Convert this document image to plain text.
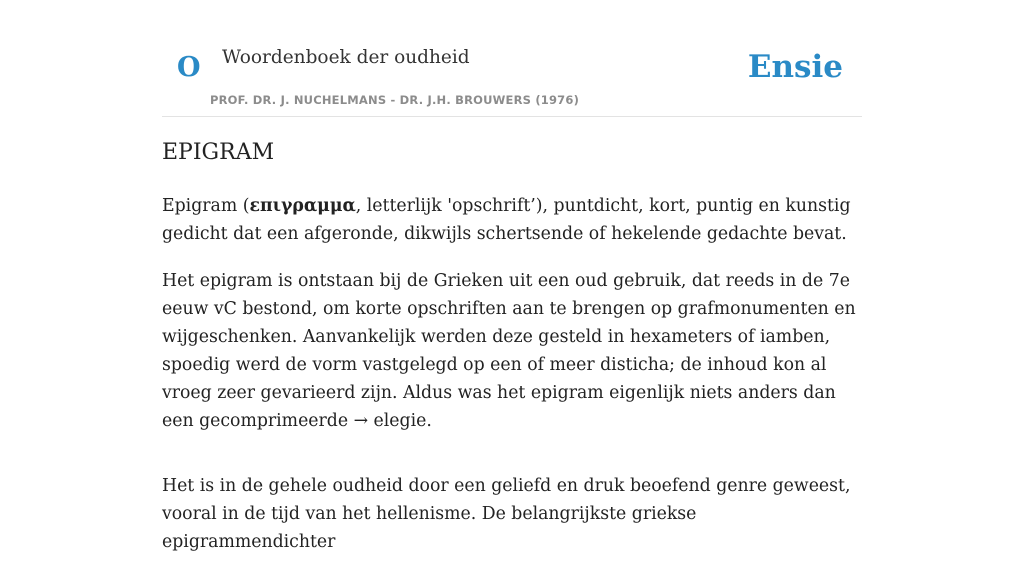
O Woordenboek der oudheid
PROF. DR. J. NUCHELMANS - DR. J.H. BROUWERS (1976)
Ensie
EPIGRAM

Epigram (επιγραμμα, letterlijk 'opschrift’), puntdicht, kort, puntig en kunstig gedicht dat een afgeronde, dikwijls schertsende of hekelende gedachte bevat.

Het epigram is ontstaan bij de Grieken uit een oud gebruik, dat reeds in de 7e eeuw vC bestond, om korte opschriften aan te brengen op grafmonumenten en wijgeschenken. Aanvankelijk werden deze gesteld in hexameters of iamben, spoedig werd de vorm vastgelegd op een of meer disticha; de inhoud kon al vroeg zeer gevarieerd zijn. Aldus was het epigram eigenlijk niets anders dan een gecomprimeerde → elegie.

Het is in de gehele oudheid door een geliefd en druk beoefend genre geweest, vooral in de tijd van het hellenisme. De belangrijkste griekse epigrammendichter
